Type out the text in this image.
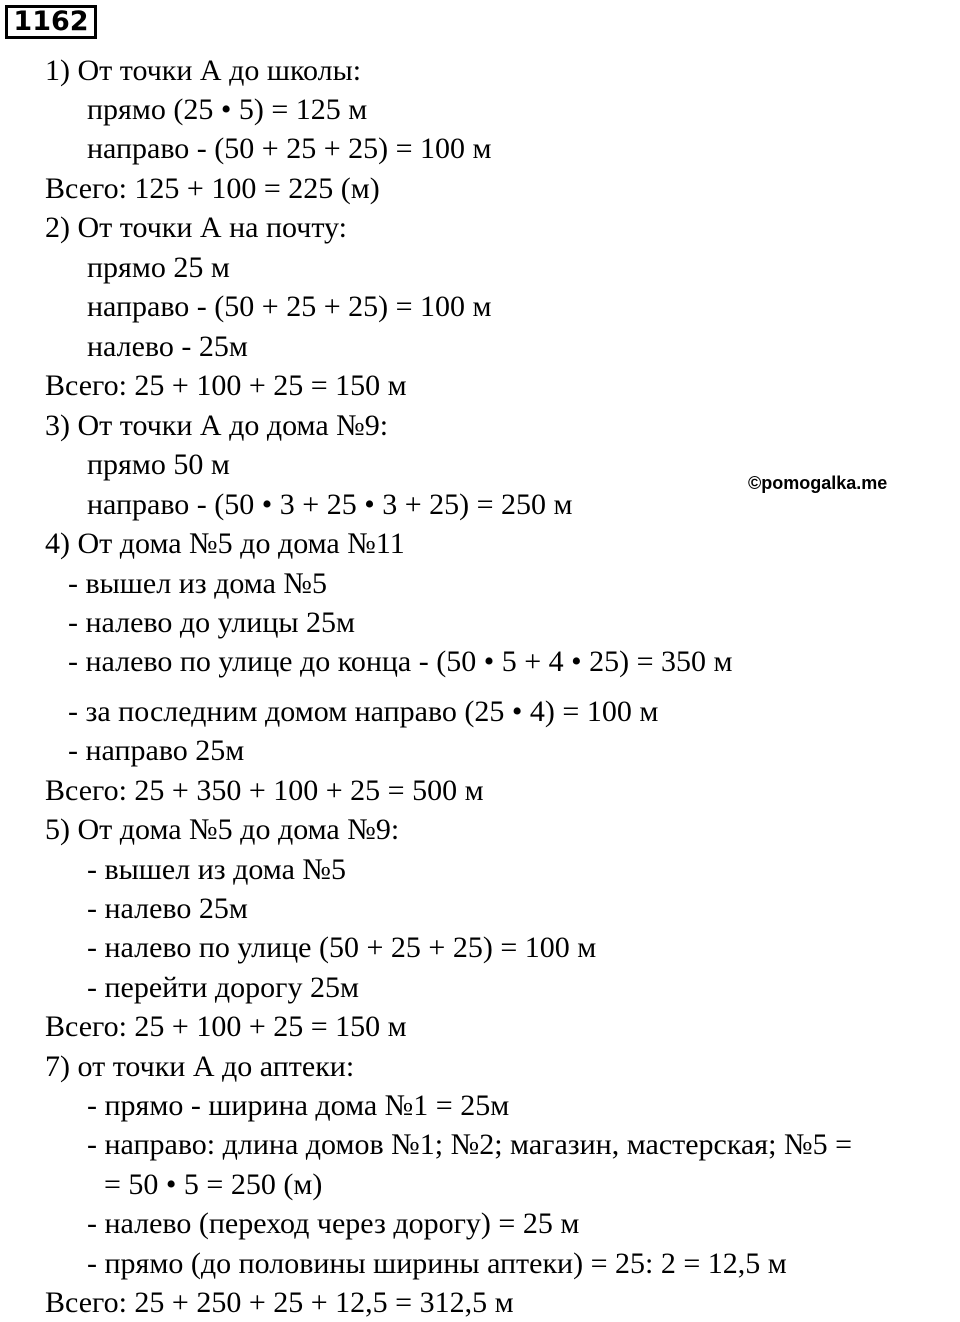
1162
©pomogalka.me
1) От точки А до школы:
прямо (25 • 5) = 125 м
направо - (50 + 25 + 25) = 100 м
Всего: 125 + 100 = 225 (м)
2) От точки А на почту:
прямо 25 м
направо - (50 + 25 + 25) = 100 м
налево - 25м
Всего: 25 + 100 + 25 = 150 м
3) От точки А до дома №9:
прямо 50 м
направо - (50 • 3 + 25 • 3 + 25) = 250 м
4) От дома №5 до дома №11
- вышел из дома №5
- налево до улицы 25м
- налево по улице до конца - (50 • 5 + 4 • 25) = 350 м
- за последним домом направо (25 • 4) = 100 м
- направо 25м
Всего: 25 + 350 + 100 + 25 = 500 м
5) От дома №5 до дома №9:
- вышел из дома №5
- налево 25м
- налево по улице (50 + 25 + 25) = 100 м
- перейти дорогу 25м
Всего: 25 + 100 + 25 = 150 м
7) от точки А до аптеки:
- прямо - ширина дома №1 = 25м
- направо: длина домов №1; №2; магазин, мастерская; №5 =
= 50 • 5 = 250 (м)
- налево (переход через дорогу) = 25 м
- прямо (до половины ширины аптеки) = 25: 2 = 12,5 м
Всего: 25 + 250 + 25 + 12,5 = 312,5 м
